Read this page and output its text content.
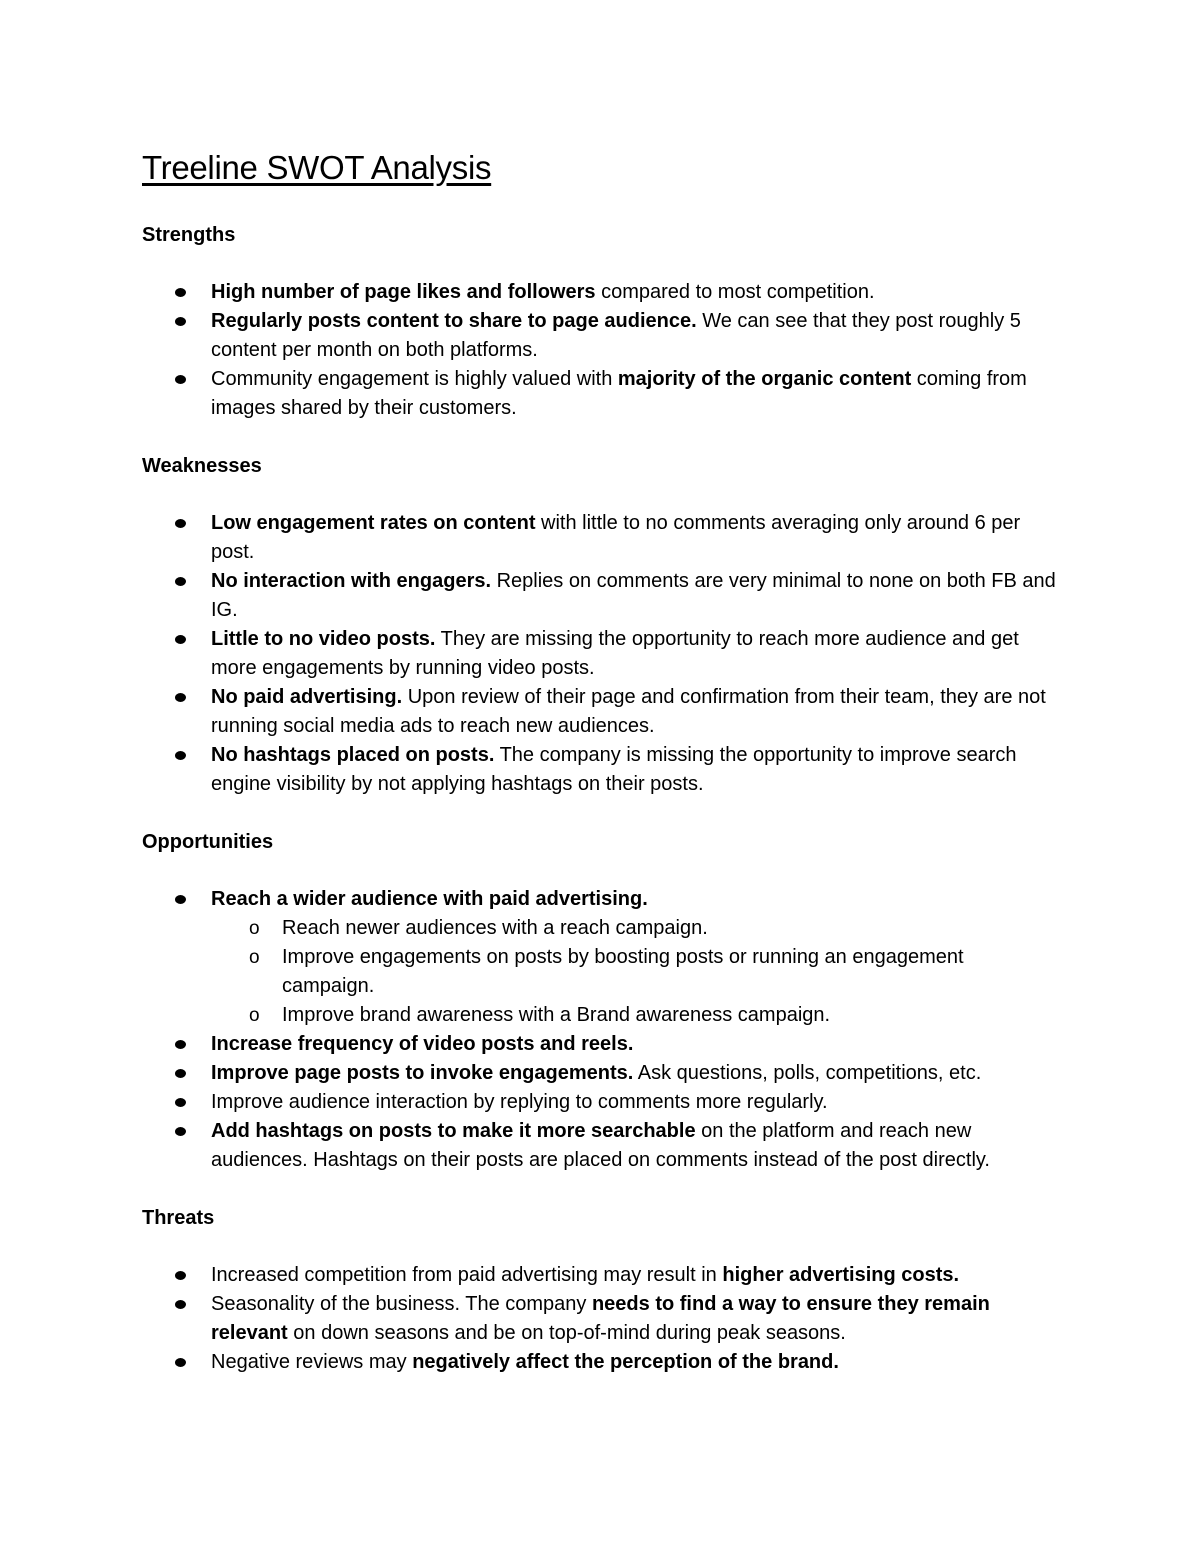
Treeline SWOT Analysis
Strengths
High number of page likes and followers compared to most competition.
Regularly posts content to share to page audience. We can see that they post roughly 5 content per month on both platforms.
Community engagement is highly valued with majority of the organic content coming from images shared by their customers.
Weaknesses
Low engagement rates on content with little to no comments averaging only around 6 per post.
No interaction with engagers. Replies on comments are very minimal to none on both FB and IG.
Little to no video posts. They are missing the opportunity to reach more audience and get more engagements by running video posts.
No paid advertising. Upon review of their page and confirmation from their team, they are not running social media ads to reach new audiences.
No hashtags placed on posts. The company is missing the opportunity to improve search engine visibility by not applying hashtags on their posts.
Opportunities
Reach a wider audience with paid advertising.
o Reach newer audiences with a reach campaign.
o Improve engagements on posts by boosting posts or running an engagement campaign.
o Improve brand awareness with a Brand awareness campaign.
Increase frequency of video posts and reels.
Improve page posts to invoke engagements. Ask questions, polls, competitions, etc.
Improve audience interaction by replying to comments more regularly.
Add hashtags on posts to make it more searchable on the platform and reach new audiences. Hashtags on their posts are placed on comments instead of the post directly.
Threats
Increased competition from paid advertising may result in higher advertising costs.
Seasonality of the business. The company needs to find a way to ensure they remain relevant on down seasons and be on top-of-mind during peak seasons.
Negative reviews may negatively affect the perception of the brand.
